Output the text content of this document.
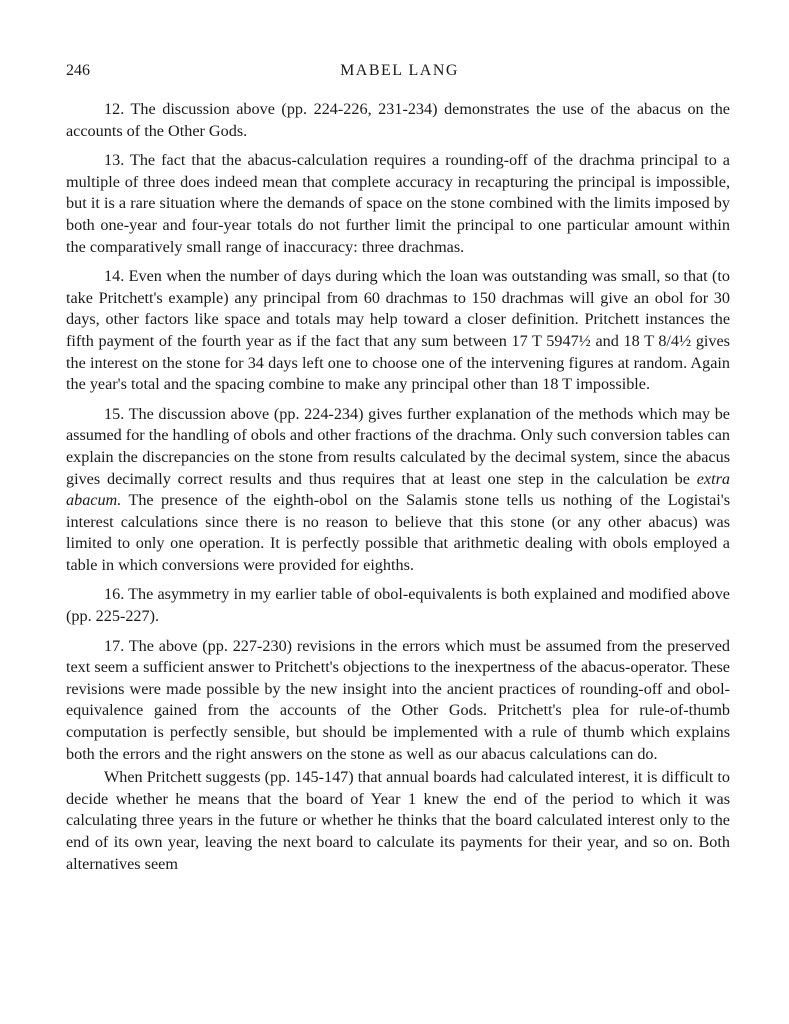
246	MABEL LANG

12. The discussion above (pp. 224-226, 231-234) demonstrates the use of the abacus on the accounts of the Other Gods.

13. The fact that the abacus-calculation requires a rounding-off of the drachma principal to a multiple of three does indeed mean that complete accuracy in recapturing the principal is impossible, but it is a rare situation where the demands of space on the stone combined with the limits imposed by both one-year and four-year totals do not further limit the principal to one particular amount within the comparatively small range of inaccuracy: three drachmas.

14. Even when the number of days during which the loan was outstanding was small, so that (to take Pritchett's example) any principal from 60 drachmas to 150 drachmas will give an obol for 30 days, other factors like space and totals may help toward a closer definition. Pritchett instances the fifth payment of the fourth year as if the fact that any sum between 17 T 5947½ and 18 T 8/4½ gives the interest on the stone for 34 days left one to choose one of the intervening figures at random. Again the year's total and the spacing combine to make any principal other than 18 T impossible.

15. The discussion above (pp. 224-234) gives further explanation of the methods which may be assumed for the handling of obols and other fractions of the drachma. Only such conversion tables can explain the discrepancies on the stone from results calculated by the decimal system, since the abacus gives decimally correct results and thus requires that at least one step in the calculation be extra abacum. The presence of the eighth-obol on the Salamis stone tells us nothing of the Logistai's interest calculations since there is no reason to believe that this stone (or any other abacus) was limited to only one operation. It is perfectly possible that arithmetic dealing with obols employed a table in which conversions were provided for eighths.

16. The asymmetry in my earlier table of obol-equivalents is both explained and modified above (pp. 225-227).

17. The above (pp. 227-230) revisions in the errors which must be assumed from the preserved text seem a sufficient answer to Pritchett's objections to the inexpertness of the abacus-operator. These revisions were made possible by the new insight into the ancient practices of rounding-off and obol-equivalence gained from the accounts of the Other Gods. Pritchett's plea for rule-of-thumb computation is perfectly sensible, but should be implemented with a rule of thumb which explains both the errors and the right answers on the stone as well as our abacus calculations can do.

When Pritchett suggests (pp. 145-147) that annual boards had calculated interest, it is difficult to decide whether he means that the board of Year 1 knew the end of the period to which it was calculating three years in the future or whether he thinks that the board calculated interest only to the end of its own year, leaving the next board to calculate its payments for their year, and so on. Both alternatives seem
